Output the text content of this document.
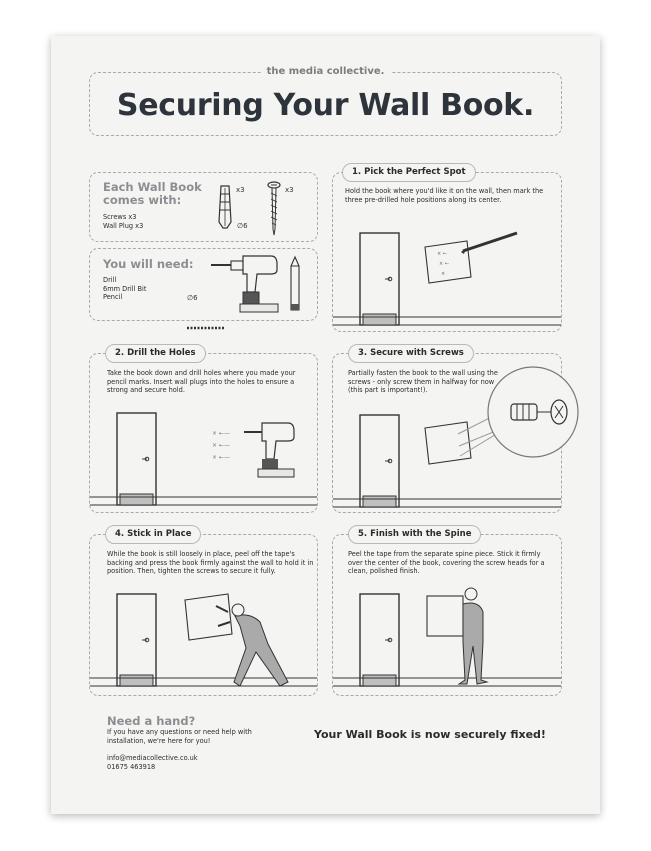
the media collective.
Securing Your Wall Book.
Each Wall Book
comes with:
Screws x3
Wall Plug x3
x3	x3
∅6
You will need:
Drill
6mm Drill Bit
Pencil	∅6
1. Pick the Perfect Spot
Hold the book where you'd like it on the wall, then mark the three pre-drilled hole positions along its center.
× ←
× ←
×
2. Drill the Holes
Take the book down and drill holes where you made your pencil marks. Insert wall plugs into the holes to ensure a strong and secure hold.
× ←—
× ←—
× ←—
3. Secure with Screws
Partially fasten the book to the wall using the screws - only screw them in halfway for now (this part is important!).
4. Stick in Place
While the book is still loosely in place, peel off the tape's backing and press the book firmly against the wall to hold it in position. Then, tighten the screws to secure it fully.
5. Finish with the Spine
Peel the tape from the separate spine piece. Stick it firmly over the center of the book, covering the screw heads for a clean, polished finish.
Need a hand?
If you have any questions or need help with installation, we're here for you!
info@mediacollective.co.uk
01675 463918
Your Wall Book is now securely fixed!
